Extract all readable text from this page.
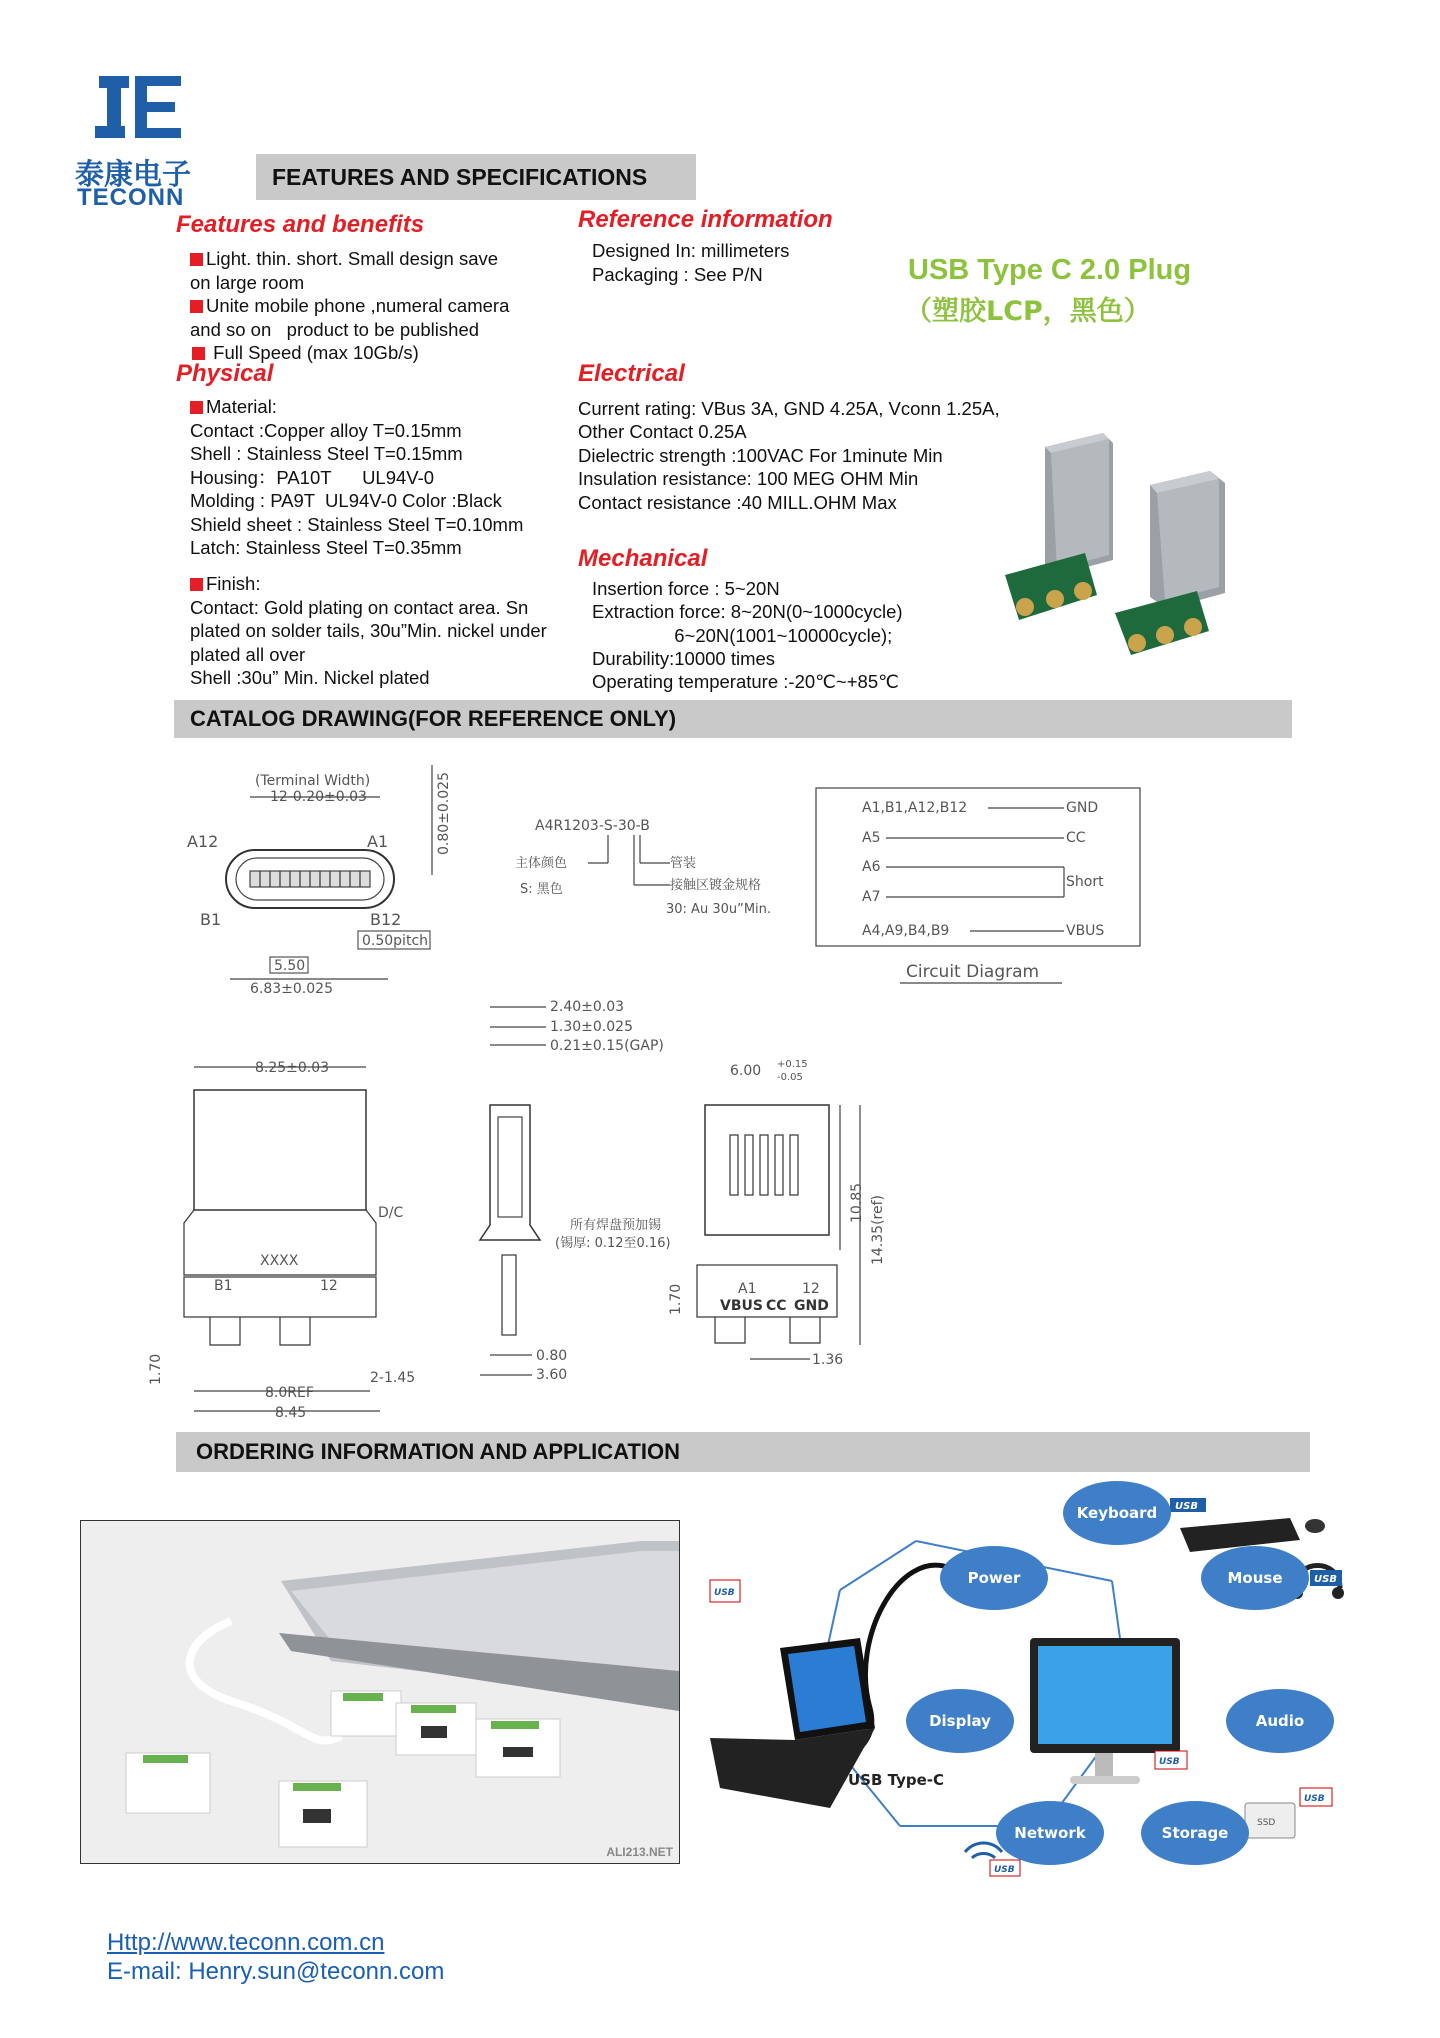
泰康电子
TECONN
FEATURES AND SPECIFICATIONS
Features and benefits
Light. thin. short. Small design save
on large room
Unite mobile phone ,numeral camera
and so on   product to be published
Full Speed (max 10Gb/s)
Physical
Material:
Contact :Copper alloy T=0.15mm
Shell : Stainless Steel T=0.15mm
Housing：PA10T      UL94V-0
Molding : PA9T  UL94V-0 Color :Black
Shield sheet : Stainless Steel T=0.10mm
Latch: Stainless Steel T=0.35mm
Finish:
Contact: Gold plating on contact area. Sn
plated on solder tails, 30u”Min. nickel under
plated all over
Shell :30u” Min. Nickel plated
Reference information
Designed In: millimeters
Packaging : See P/N	USB Type C 2.0 Plug
（塑胶LCP，黑色）
Electrical
Current rating: VBus 3A, GND 4.25A, Vconn 1.25A,
Other Contact 0.25A
Dielectric strength :100VAC For 1minute Min
Insulation resistance: 100 MEG OHM Min
Contact resistance :40 MILL.OHM Max
Mechanical
Insertion force : 5~20N
Extraction force: 8~20N(0~1000cycle)
6~20N(1001~10000cycle);
Durability:10000 times
Operating temperature :-20℃~+85℃
CATALOG DRAWING(FOR REFERENCE ONLY)
(Terminal Width)
12-0.20±0.03
A12	A1
B1	B12
0.80±0.025
0.50pitch
5.50
6.83±0.025
A4R1203-S-30-B
主体颜色
S: 黑色
管装
接触区镀金规格
30: Au 30u”Min.
A1,B1,A12,B12
A5
A6
A7
A4,A9,B4,B9
GND
CC
Short
VBUS
Circuit Diagram
2.40±0.03
1.30±0.025
0.21±0.15(GAP)
8.25±0.03
D/C
XXXX
B1	12
1.70	2-1.45
8.0REF
8.45
0.80
3.60
所有焊盘预加锡
(锡厚: 0.12至0.16)
6.00 +0.15
-0.05
A1	12
VBUS CC GND
10.85 14.35(ref)
1.70
1.36
ORDERING INFORMATION AND APPLICATION
ALI213.NET
SSD
USB
USB
USB
USB
USB
USB
Keyboard
Power	Mouse
Display	Audio
Network	Storage
USB Type-C
Http://www.teconn.com.cn
E-mail: Henry.sun@teconn.com
